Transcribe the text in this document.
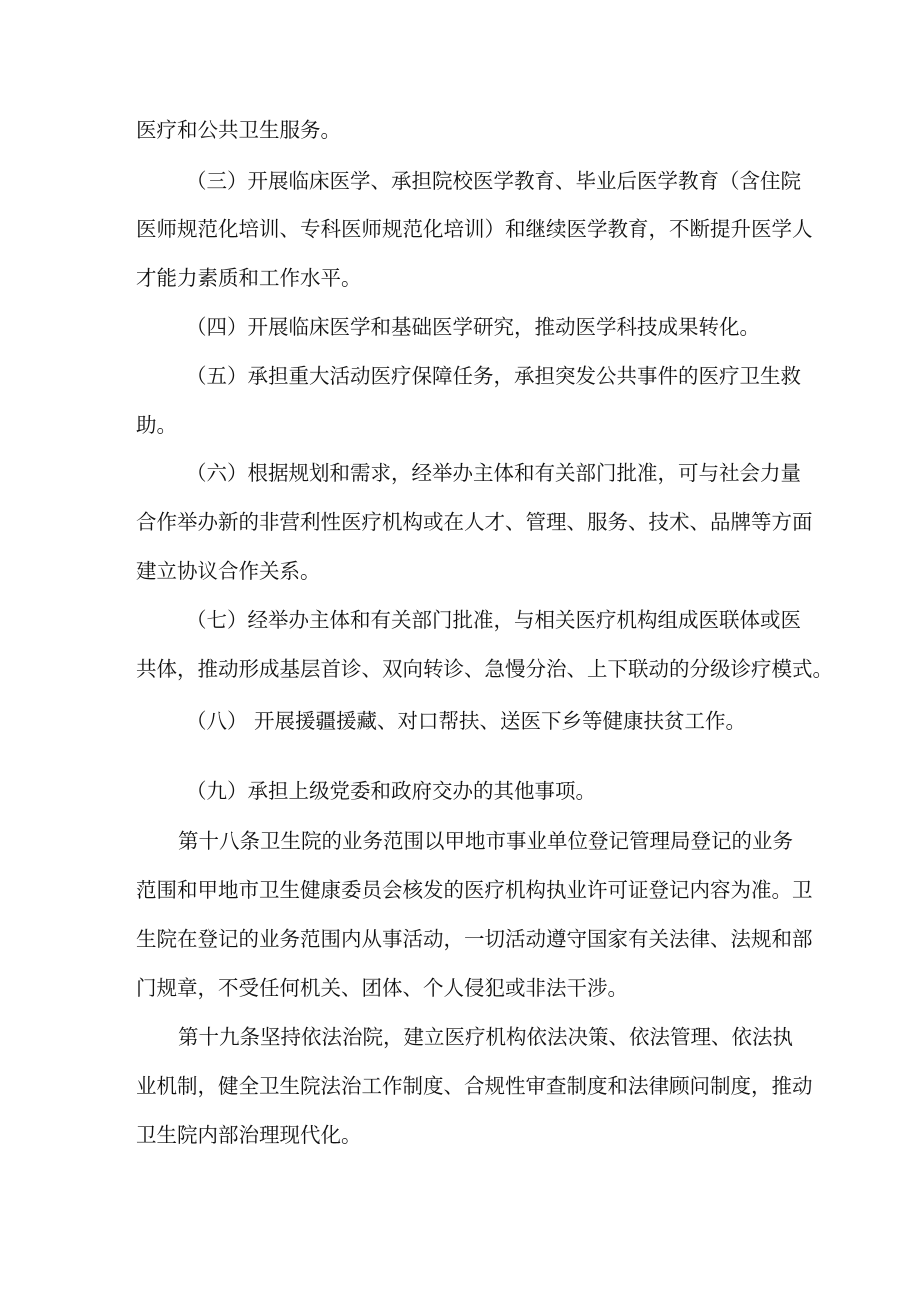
医疗和公共卫生服务。
（三）开展临床医学、承担院校医学教育、毕业后医学教育（含住院
医师规范化培训、专科医师规范化培训）和继续医学教育，不断提升医学人
才能力素质和工作水平。
（四）开展临床医学和基础医学研究，推动医学科技成果转化。
（五）承担重大活动医疗保障任务，承担突发公共事件的医疗卫生救
助。
（六）根据规划和需求，经举办主体和有关部门批准，可与社会力量
合作举办新的非营利性医疗机构或在人才、管理、服务、技术、品牌等方面
建立协议合作关系。
（七）经举办主体和有关部门批准，与相关医疗机构组成医联体或医
共体，推动形成基层首诊、双向转诊、急慢分治、上下联动的分级诊疗模式。
（八） 开展援疆援藏、对口帮扶、送医下乡等健康扶贫工作。
（九）承担上级党委和政府交办的其他事项。
第十八条卫生院的业务范围以甲地市事业单位登记管理局登记的业务
范围和甲地市卫生健康委员会核发的医疗机构执业许可证登记内容为准。卫
生院在登记的业务范围内从事活动，一切活动遵守国家有关法律、法规和部
门规章，不受任何机关、团体、个人侵犯或非法干涉。
第十九条坚持依法治院，建立医疗机构依法决策、依法管理、依法执
业机制，健全卫生院法治工作制度、合规性审查制度和法律顾问制度，推动
卫生院内部治理现代化。
